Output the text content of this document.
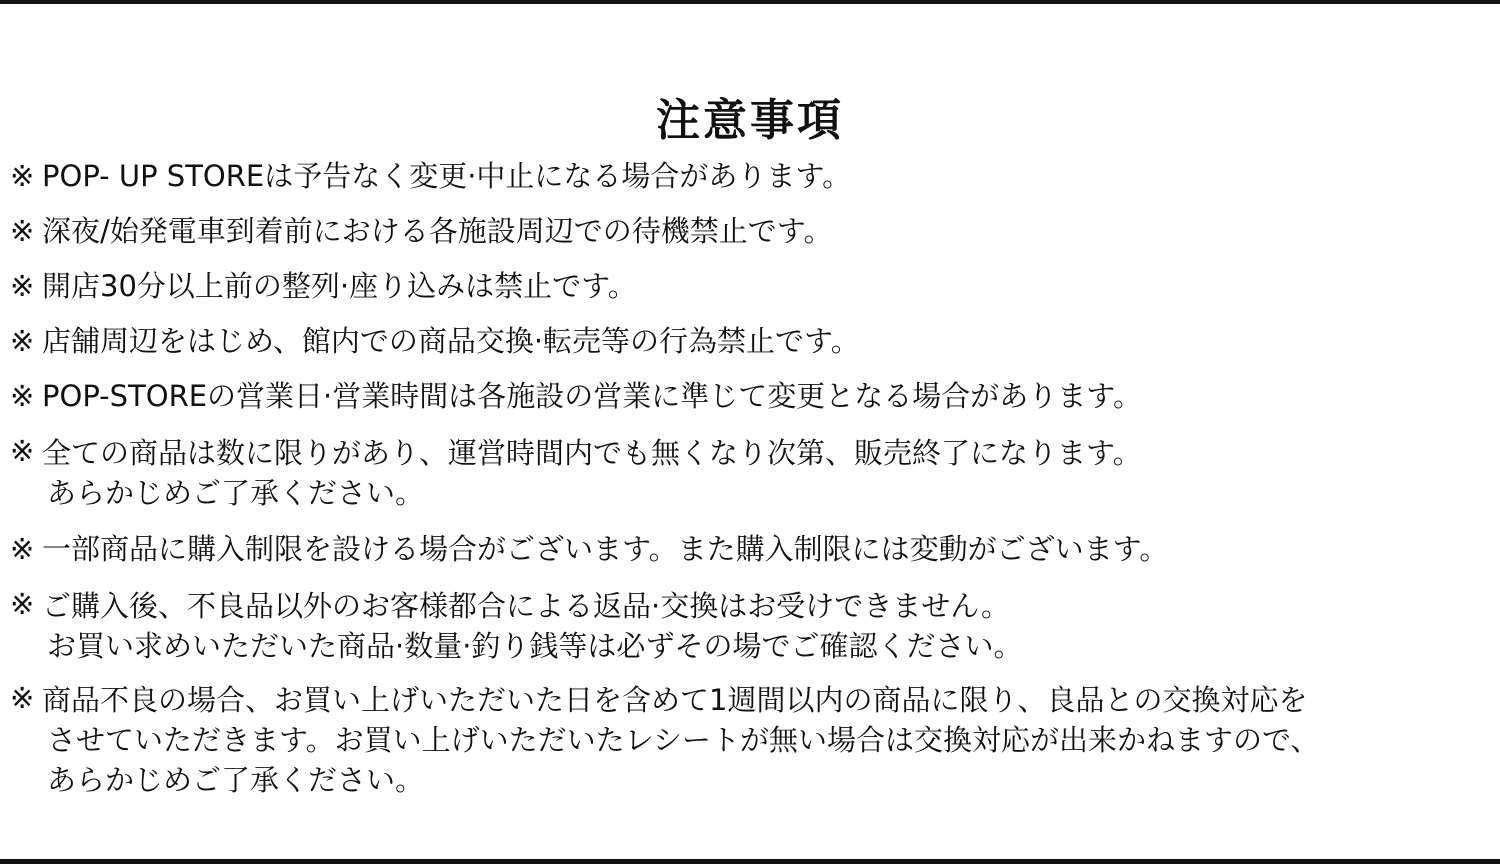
注意事項
※ POP- UP STOREは予告なく変更·中止になる場合があります。
※ 深夜/始発電車到着前における各施設周辺での待機禁止です。
※ 開店30分以上前の整列·座り込みは禁止です。
※ 店舗周辺をはじめ、館内での商品交換·転売等の行為禁止です。
※ POP-STOREの営業日·営業時間は各施設の営業に準じて変更となる場合があります。
※ 全ての商品は数に限りがあり、運営時間内でも無くなり次第、販売終了になります。
あらかじめご了承ください。
※ 一部商品に購入制限を設ける場合がございます。また購入制限には変動がございます。
※ ご購入後、不良品以外のお客様都合による返品·交換はお受けできません。
お買い求めいただいた商品·数量·釣り銭等は必ずその場でご確認ください。
※ 商品不良の場合、お買い上げいただいた日を含めて1週間以内の商品に限り、良品との交換対応を
させていただきます。お買い上げいただいたレシートが無い場合は交換対応が出来かねますので、
あらかじめご了承ください。
